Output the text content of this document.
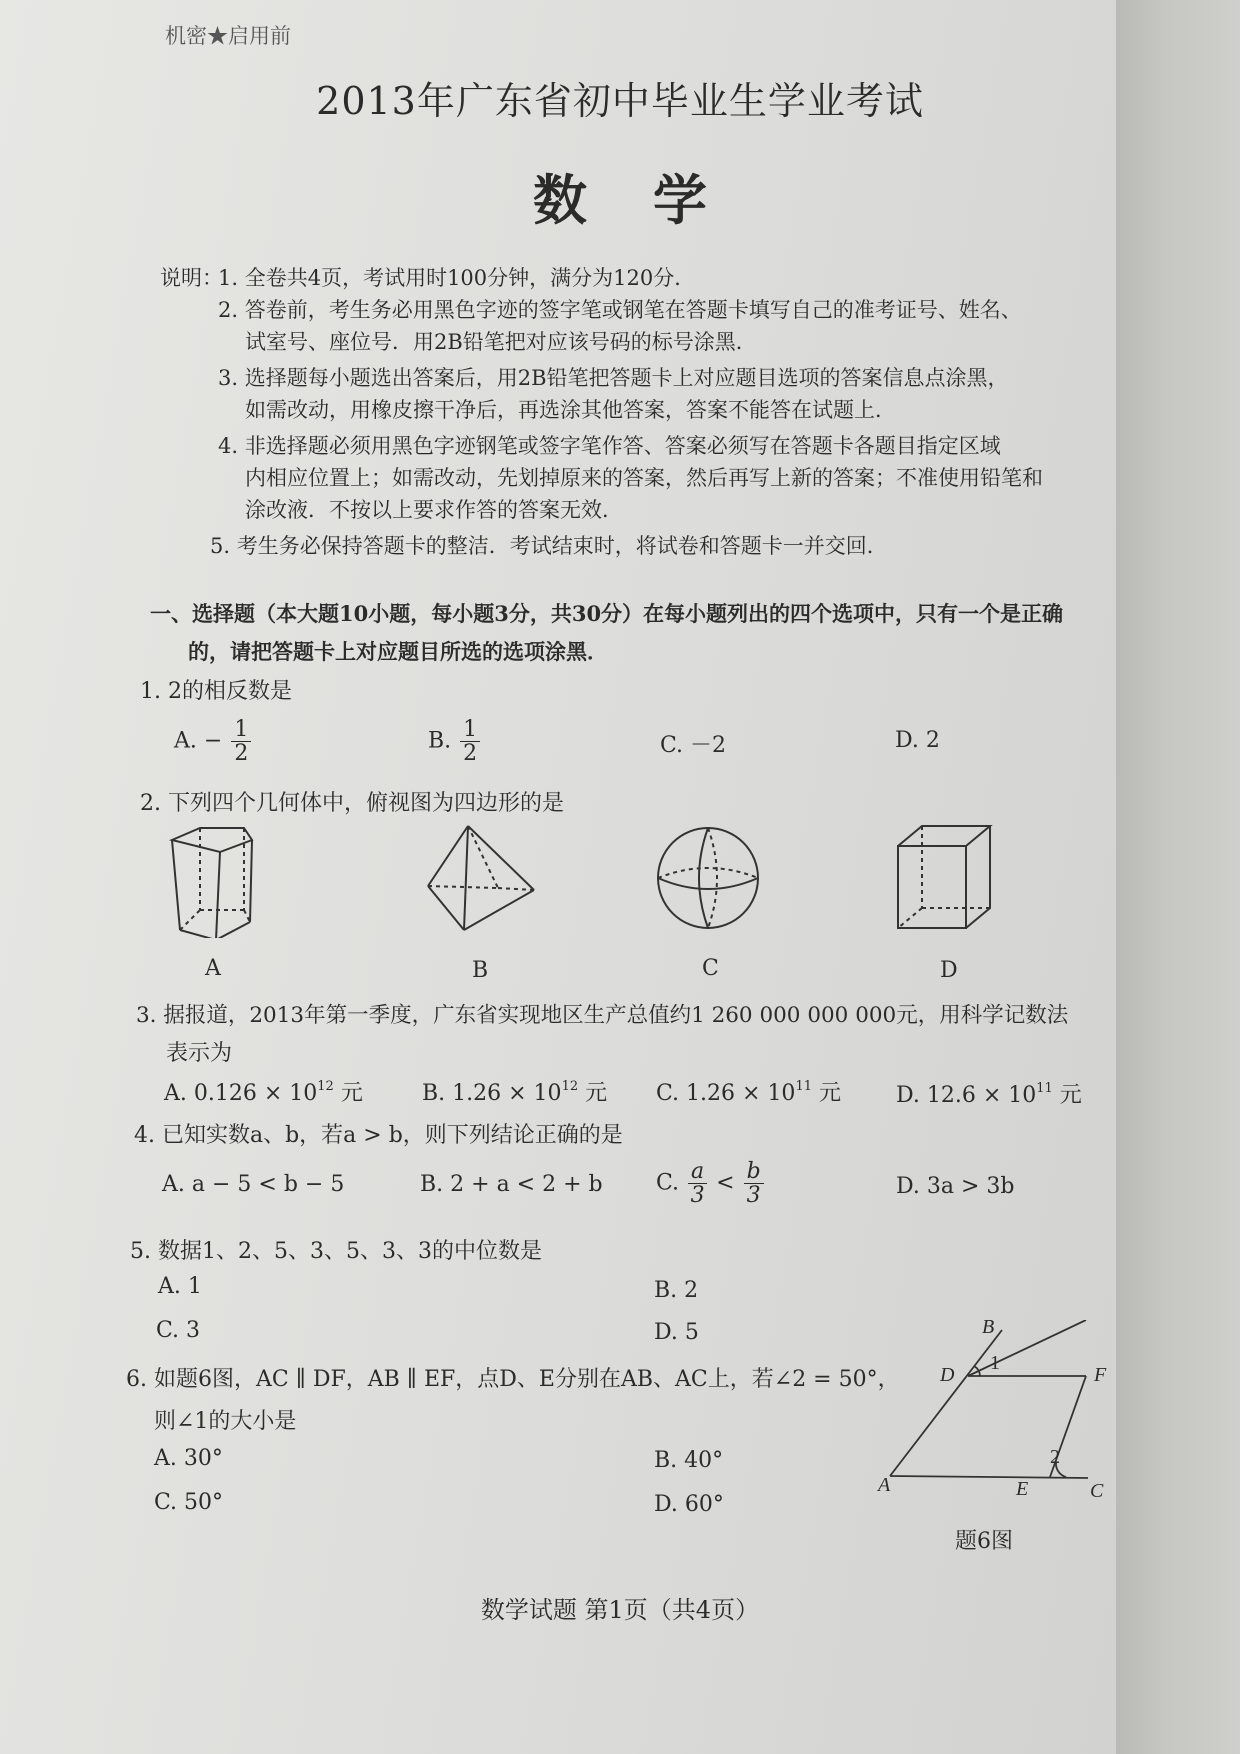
机密★启用前
2013年广东省初中毕业生学业考试
数学
说明：
1. 全卷共4页，考试用时100分钟，满分为120分．
2. 答卷前，考生务必用黑色字迹的签字笔或钢笔在答题卡填写自己的准考证号、姓名、
试室号、座位号．用2B铅笔把对应该号码的标号涂黑．
3. 选择题每小题选出答案后，用2B铅笔把答题卡上对应题目选项的答案信息点涂黑，
如需改动，用橡皮擦干净后，再选涂其他答案，答案不能答在试题上．
4. 非选择题必须用黑色字迹钢笔或签字笔作答、答案必须写在答题卡各题目指定区域
内相应位置上；如需改动，先划掉原来的答案，然后再写上新的答案；不准使用铅笔和
涂改液．不按以上要求作答的答案无效．
5. 考生务必保持答题卡的整洁．考试结束时，将试卷和答题卡一并交回．
一、选择题（本大题10小题，每小题3分，共30分）在每小题列出的四个选项中，只有一个是正确
的，请把答题卡上对应题目所选的选项涂黑．
1. 2的相反数是
A. − $\frac{1}{2}$	B. $\frac{1}{2}$	C. －2	D. 2
2. 下列四个几何体中，俯视图为四边形的是
A	B	C	D
3. 据报道，2013年第一季度，广东省实现地区生产总值约1 260 000 000 000元，用科学记数法
表示为
A. $0.126 \times 10^{12}$ 元	B. $1.26 \times 10^{12}$ 元 C. $1.26 \times 10^{11}$ 元	D. $12.6 \times 10^{11}$ 元
4. 已知实数a、b，若a > b，则下列结论正确的是
A. a − 5 < b − 5	B. 2 + a < 2 + b C. $\frac{a}{3} < \frac{b}{3}$	D. 3a > 3b
5. 数据1、2、5、3、5、3、3的中位数是
A. 1	B. 2
C. 3	D. 5
6. 如题6图，AC ∥ DF，AB ∥ EF，点D、E分别在AB、AC上，若∠2 = 50°，
则∠1的大小是
A. 30°	B. 40°
C. 50°	D. 60°
B
D
1
F
2
A	E	C
题6图
数学试题 第1页（共4页）
